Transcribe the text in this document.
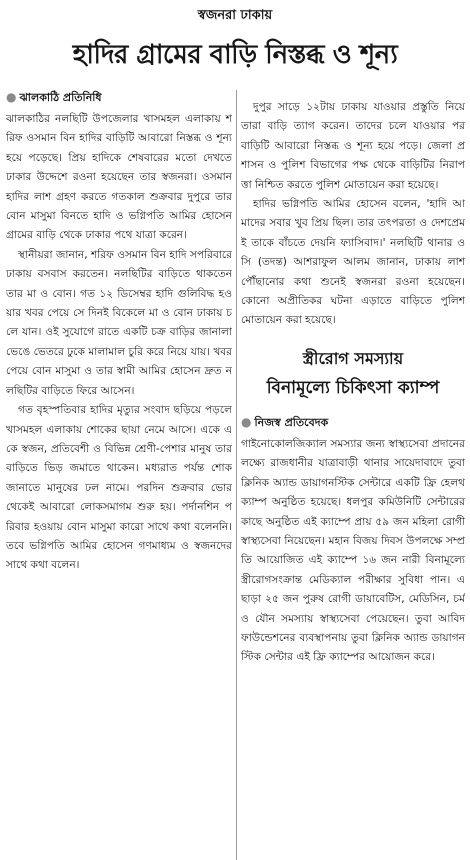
স্বজনরা ঢাকায়
হাদির গ্রামের বাড়ি নিস্তব্ধ ও শূন্য
● ঝালকাঠি প্রতিনিধি

ঝালকাঠির নলছিটি উপজেলার খাসমহল এলাকায় শরিফ ওসমান বিন হাদির বাড়িটি আবারো নিস্তব্ধ ও শূন্য হয়ে পড়েছে। প্রিয় হাদিকে শেষবারের মতো দেখতে ঢাকার উদ্দেশে রওনা হয়েছেন তার স্বজনরা। ওসমান হাদির লাশ গ্রহণ করতে গতকাল শুক্রবার দুপুরে তার বোন মাসুমা বিনতে হাদি ও ভগ্নিপতি আমির হোসেন গ্রামের বাড়ি থেকে ঢাকার পথে যাত্রা করেন।

স্থানীয়রা জানান, শরিফ ওসমান বিন হাদি সপরিবারে ঢাকায় বসবাস করতেন। নলছিটির বাড়িতে থাকতেন তার মা ও বোন। গত ১২ ডিসেম্বর হাদি গুলিবিদ্ধ হওয়ার খবর পেয়ে সে দিনই বিকেলে মা ও বোন ঢাকায় চলে যান। ওই সুযোগে রাতে একটি চক্র বাড়ির জানালা ভেঙে ভেতরে ঢুকে মালামাল চুরি করে নিয়ে যায়। খবর পেয়ে বোন মাসুমা ও তার স্বামী আমির হোসেন দ্রুত নলছিটির বাড়িতে ফিরে আসেন।

গত বৃহস্পতিবার হাদির মৃত্যুর সংবাদ ছড়িয়ে পড়লে খাসমহল এলাকায় শোকের ছায়া নেমে আসে। একে একে স্বজন, প্রতিবেশী ও বিভিন্ন শ্রেণী-পেশার মানুষ তার বাড়িতে ভিড় জমাতে থাকেন। মধ্যরাত পর্যন্ত শোক জানাতে মানুষের ঢল নামে। পরদিন শুক্রবার ভোর থেকেই আবারো লোকসমাগম শুরু হয়। পর্দানশিন পরিবার হওয়ায় বোন মাসুমা কারো সাথে কথা বলেননি। তবে ভগ্নিপতি আমির হোসেন গণমাধ্যম ও স্বজনদের সাথে কথা বলেন।

দুপুর সাড়ে ১২টায় ঢাকায় যাওয়ার প্রস্তুতি নিয়ে তারা বাড়ি ত্যাগ করেন। তাদের চলে যাওয়ার পর বাড়িটি আবারো নিস্তব্ধ ও শূন্য হয়ে পড়ে। জেলা প্রশাসন ও পুলিশ বিভাগের পক্ষ থেকে বাড়িটির নিরাপত্তা নিশ্চিত করতে পুলিশ মোতায়েন করা হয়েছে।

হাদির ভগ্নিপতি আমির হোসেন বলেন, 'হাদি আমাদের সবার খুব প্রিয় ছিল। তার তৎপরতা ও দেশপ্রেমই তাকে বাঁচতে দেয়নি ফ্যাসিবাদ।' নলছিটি থানার ওসি (তদন্ত) আশরাফুল আলম জানান, ঢাকায় লাশ পৌঁছানোর কথা শুনেই স্বজনরা রওনা হয়েছেন। কোনো অপ্রীতিকর ঘটনা এড়াতে বাড়িতে পুলিশ মোতায়েন করা হয়েছে।

স্ত্রীরোগ সমস্যায়
বিনামূল্যে চিকিৎসা ক্যাম্প
● নিজস্ব প্রতিবেদক

গাইনোকোলজিক্যাল সমস্যার জন্য স্বাস্থ্যসেবা প্রদানের লক্ষ্যে রাজধানীর যাত্রাবাড়ী থানার সায়েদাবাদে তুবা ক্লিনিক অ্যান্ড ডায়াগনস্টিক সেন্টারে একটি ফ্রি হেলথ ক্যাম্প অনুষ্ঠিত হয়েছে। ধলপুর কমিউনিটি সেন্টারের কাছে অনুষ্ঠিত এই ক্যাম্পে প্রায় ৫৯ জন মহিলা রোগী স্বাস্থ্যসেবা নিয়েছেন। মহান বিজয় দিবস উপলক্ষে সম্প্রতি আয়োজিত এই ক্যাম্পে ১৬ জন নারী বিনামূল্যে স্ত্রীরোগসংক্রান্ত মেডিক্যাল পরীক্ষার সুবিধা পান। এ ছাড়া ২৫ জন পুরুষ রোগী ডায়াবেটিস, মেডিসিন, চর্ম ও যৌন সমস্যায় স্বাস্থ্যসেবা পেয়েছেন। তুবা আবিদ ফাউন্ডেশনের ব্যবস্থাপনায় তুবা ক্লিনিক অ্যান্ড ডায়াগনস্টিক সেন্টার এই ফ্রি ক্যাম্পের আয়োজন করে।
